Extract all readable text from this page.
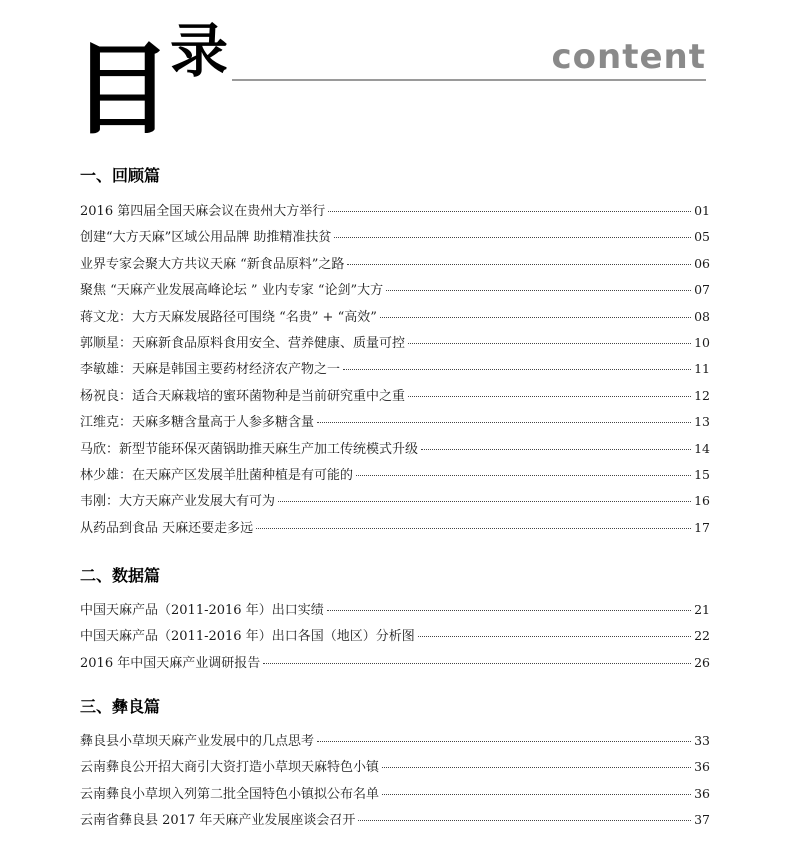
目
录	content
一、回顾篇
2016 第四届全国天麻会议在贵州大方举行	01
创建“大方天麻”区域公用品牌 助推精准扶贫	05
业界专家会聚大方共议天麻 “新食品原料”之路	06
聚焦 “天麻产业发展高峰论坛 ” 业内专家 “论剑”大方	07
蒋文龙：大方天麻发展路径可围绕 “名贵” + “高效”	08
郭顺星：天麻新食品原料食用安全、营养健康、质量可控	10
李敏雄：天麻是韩国主要药材经济农产物之一	11
杨祝良：适合天麻栽培的蜜环菌物种是当前研究重中之重	12
江维克：天麻多糖含量高于人参多糖含量	13
马欣：新型节能环保灭菌锅助推天麻生产加工传统模式升级	14
林少雄：在天麻产区发展羊肚菌种植是有可能的	15
韦刚：大方天麻产业发展大有可为	16
从药品到食品 天麻还要走多远	17
二、数据篇
中国天麻产品（2011-2016 年）出口实绩	21
中国天麻产品（2011-2016 年）出口各国（地区）分析图	22
2016 年中国天麻产业调研报告	26
三、彝良篇
彝良县小草坝天麻产业发展中的几点思考	33
云南彝良公开招大商引大资打造小草坝天麻特色小镇	36
云南彝良小草坝入列第二批全国特色小镇拟公布名单	36
云南省彝良县 2017 年天麻产业发展座谈会召开	37
